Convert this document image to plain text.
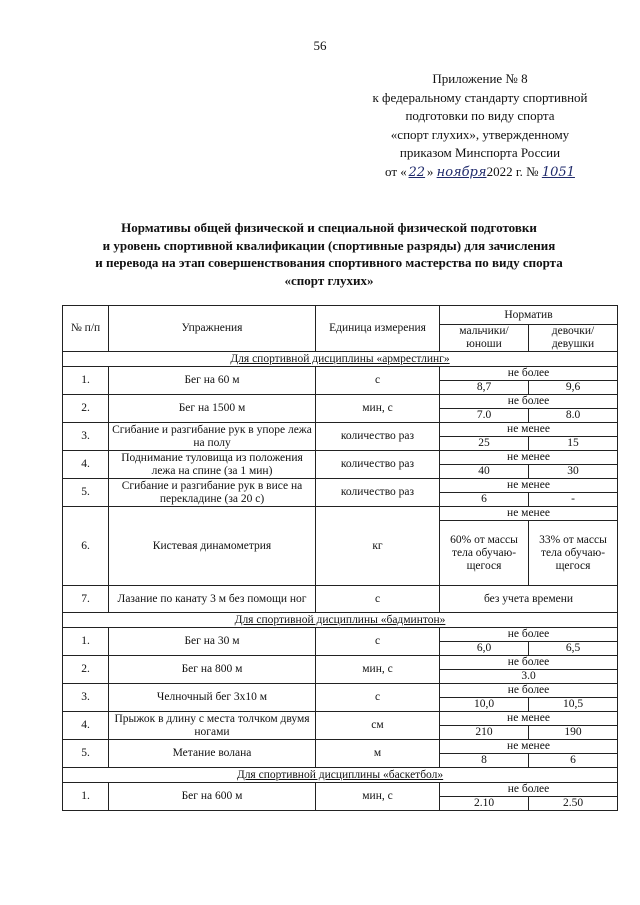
56
Приложение № 8
к федеральному стандарту спортивной
подготовки по виду спорта
«спорт глухих», утвержденному
приказом Минспорта России
от « 22 » ноября2022 г. № 1051
Нормативы общей физической и специальной физической подготовки
и уровень спортивной квалификации (спортивные разряды) для зачисления
и перевода на этап совершенствования спортивного мастерства по виду спорта
«спорт глухих»
№ п/п	Упражнения	Единица измерения	Норматив	
			мальчики/ юноши	девочки/ девушки
Для спортивной дисциплины «армрестлинг»				
1.	Бег на 60 м	с	не более	
			8,7	9,6
2.	Бег на 1500 м	мин, с	не более	
			7.0	8.0
3.	Сгибание и разгибание рук в упоре лежа на полу	количество раз	не менее	
			25	15
4.	Поднимание туловища из положения лежа на спине (за 1 мин)	количество раз	не менее	
			40	30
5.	Сгибание и разгибание рук в висе на перекладине (за 20 с)	количество раз	не менее	
			6	-
6.	Кистевая динамометрия	кг	не менее	
			60% от массы тела обучаю-щегося	33% от массы тела обучаю-щегося
7.	Лазание по канату 3 м без помощи ног	с	без учета времени	
Для спортивной дисциплины «бадминтон»				
1.	Бег на 30 м	с	не более	
			6,0	6,5
2.	Бег на 800 м	мин, с	не более	
			3.0	
3.	Челночный бег 3x10 м	с	не более	
			10,0	10,5
4.	Прыжок в длину с места толчком двумя ногами	см	не менее	
			210	190
5.	Метание волана	м	не менее	
			8	6
Для спортивной дисциплины «баскетбол»				
1.	Бег на 600 м	мин, с	не более	
			2.10	2.50
